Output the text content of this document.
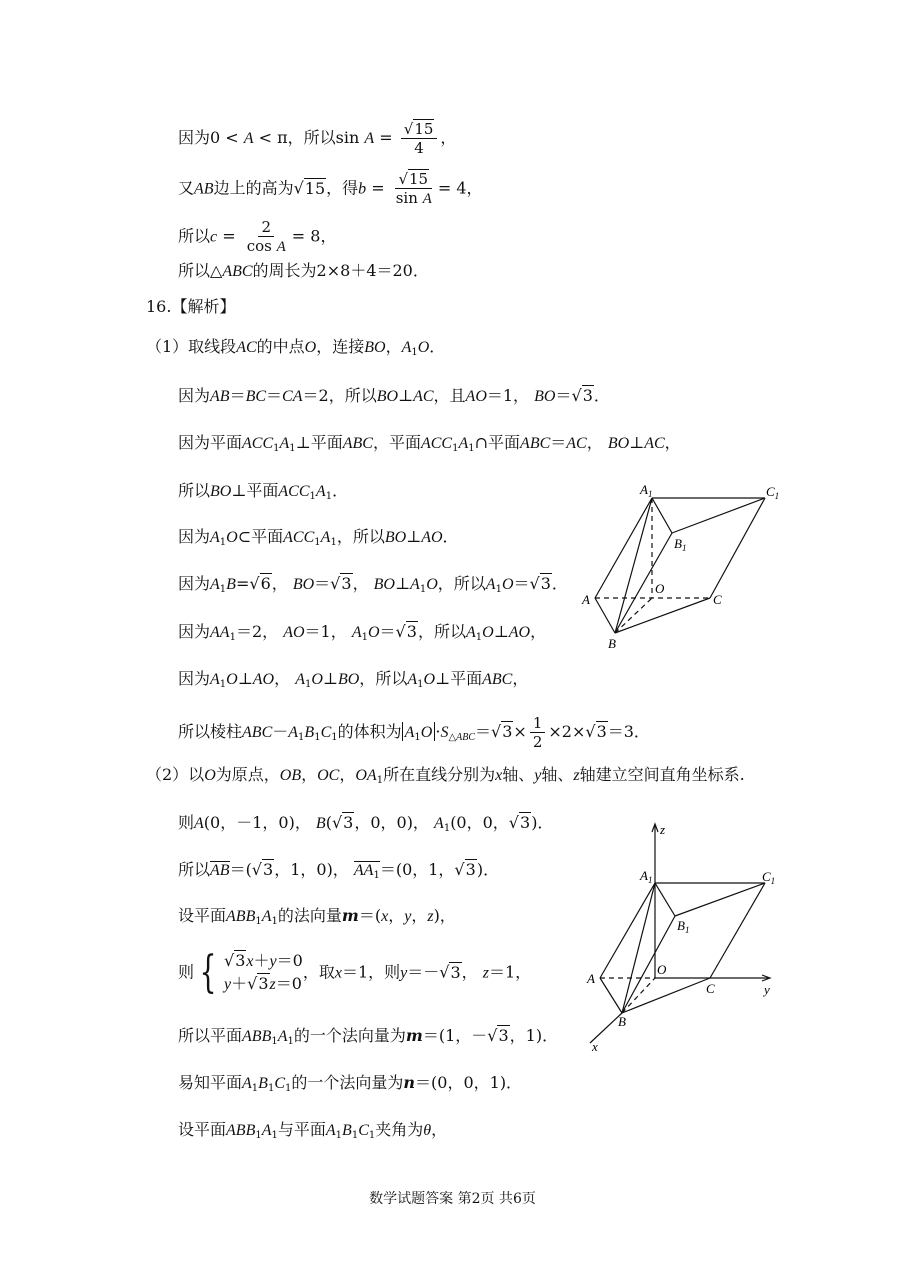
因为0 < A < π，所以$\sin A = \frac{√15}{4}$ ，
又AB边上的高为√15，得$b = \frac{√15}{\text{sin A}} = 4$，
所以$c = \frac{2}{\text{cos A}} = 8$，
所以△ABC的周长为2×8＋4＝20．
16.【解析】
（1）取线段AC的中点O，连接BO，$A_1O$．
因为AB＝BC＝CA＝2，所以BO⊥AC，且AO＝1， BO＝√3．
因为平面$ACC_1A_1\perp$平面ABC，平面$ACC_1A_1\cap$平面ABC＝AC， BO⊥AC，
所以BO⊥平面$ACC_1A_1$．
因为$A_1O\subset$平面$ACC_1A_1$，所以BO⊥AO．
因为$A_1B=√6$， BO＝√3， $BO\perp A_1O$，所以$A_1O=√3$．
因为$AA_1=2$， AO＝1， $A_1O=√3$，所以$A_1O\perp AO$，
因为$A_1O\perp AO$， $A_1O\perp BO$，所以$A_1O\perp$平面ABC，
所以棱柱$ABC-A_1B_1C_1$的体积为 $A_1O \cdot S_{\triangle ABC}=√3\times \frac{1}{2} \times 2\times√3=3$．
（2）以O为原点，OB，OC，$OA_1$所在直线分别为x轴、y轴、z轴建立空间直角坐标系.
则A(0，－1，0)， B(√3，0，0)， $A_1(0$，0，√3)．
所以AB＝(√3，1，0)， $AA_1=(0$，1，√3)．
设平面$ABB_1A_1$的法向量m＝(x，y，z)，
则 { √3x＋y＝0
y＋√3z＝0
，取x＝1，则y＝－√3， z＝1，
所以平面$ABB_1A_1$的一个法向量为m＝(1，－√3，1)．
易知平面$A_1B_1C_1$的一个法向量为n＝(0，0，1)．
设平面$ABB_1A_1$与平面$A_1B_1C_1$夹角为θ，
$A_1$	$C_1$
$B_1$
O
A	C
B
z
y
x
$A_1$	$C_1$
$B_1$
O
A
C
B
数学试题答案 第2页 共6页
